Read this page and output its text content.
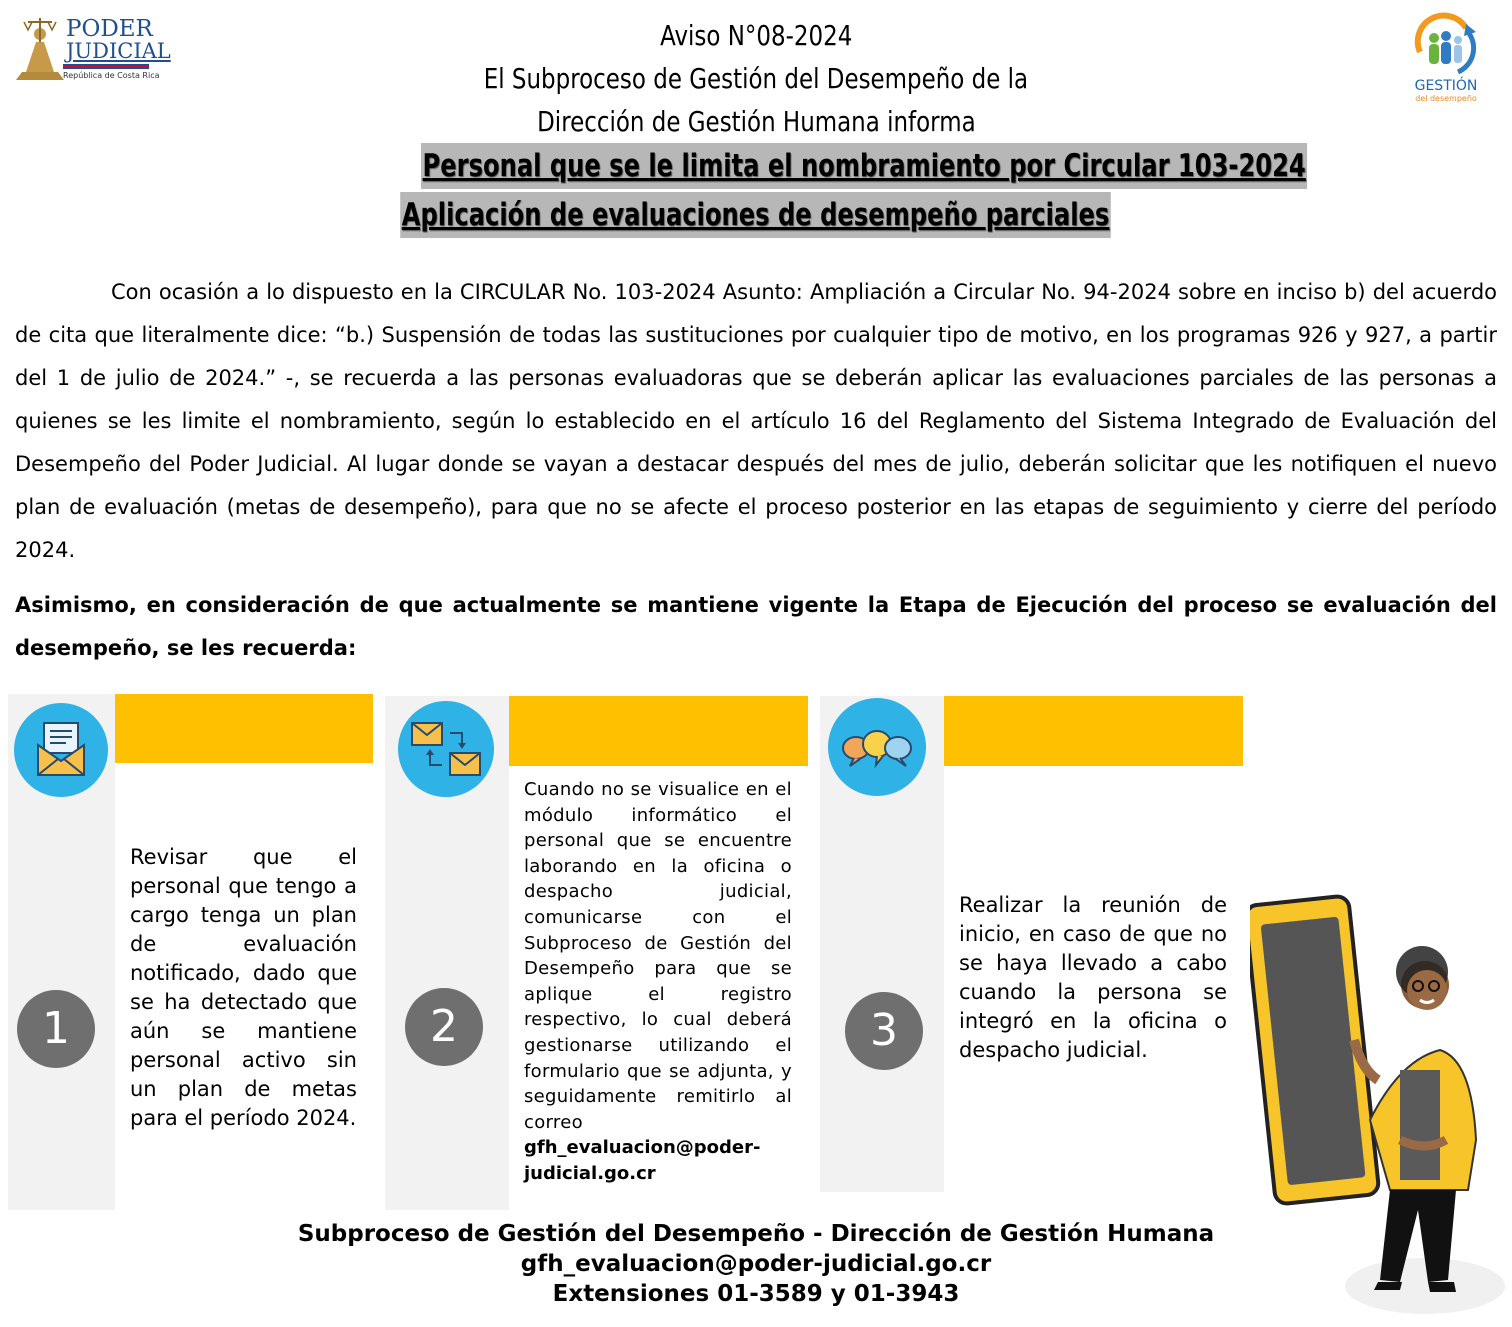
PODER
JUDICIAL
República de Costa Rica
GESTIÓN
del desempeño
Aviso N°08-2024
El Subproceso de Gestión del Desempeño de la
Dirección de Gestión Humana informa
Personal que se le limita el nombramiento por Circular 103-2024
Aplicación de evaluaciones de desempeño parciales
Con ocasión a lo dispuesto en la CIRCULAR No. 103-2024 Asunto: Ampliación a Circular No. 94-2024 sobre en inciso b) del acuerdo de cita que literalmente dice: “b.) Suspensión de todas las sustituciones por cualquier tipo de motivo, en los programas 926 y 927, a partir del 1 de julio de 2024.” -, se recuerda a las personas evaluadoras que se deberán aplicar las evaluaciones parciales de las personas a quienes se les limite el nombramiento, según lo establecido en el artículo 16 del Reglamento del Sistema Integrado de Evaluación del Desempeño del Poder Judicial. Al lugar donde se vayan a destacar después del mes de julio, deberán solicitar que les notifiquen el nuevo plan de evaluación (metas de desempeño), para que no se afecte el proceso posterior en las etapas de seguimiento y cierre del período 2024.
Asimismo, en consideración de que actualmente se mantiene vigente la Etapa de Ejecución del proceso se evaluación del desempeño, se les recuerda:
1
Revisar que el personal que tengo a cargo tenga un plan de evaluación notificado, dado que se ha detectado que aún se mantiene personal activo sin un plan de metas para el período 2024.
2
Cuando no se visualice en el módulo informático el personal que se encuentre laborando en la oficina o despacho judicial, comunicarse con el Subproceso de Gestión del Desempeño para que se aplique el registro respectivo, lo cual deberá gestionarse utilizando el formulario que se adjunta, y seguidamente remitirlo al correo
gfh_evaluacion@poder-judicial.go.cr
3
Realizar la reunión de inicio, en caso de que no se haya llevado a cabo cuando la persona se integró en la oficina o despacho judicial.
Subproceso de Gestión del Desempeño - Dirección de Gestión Humana
gfh_evaluacion@poder-judicial.go.cr
Extensiones 01-3589 y 01-3943
